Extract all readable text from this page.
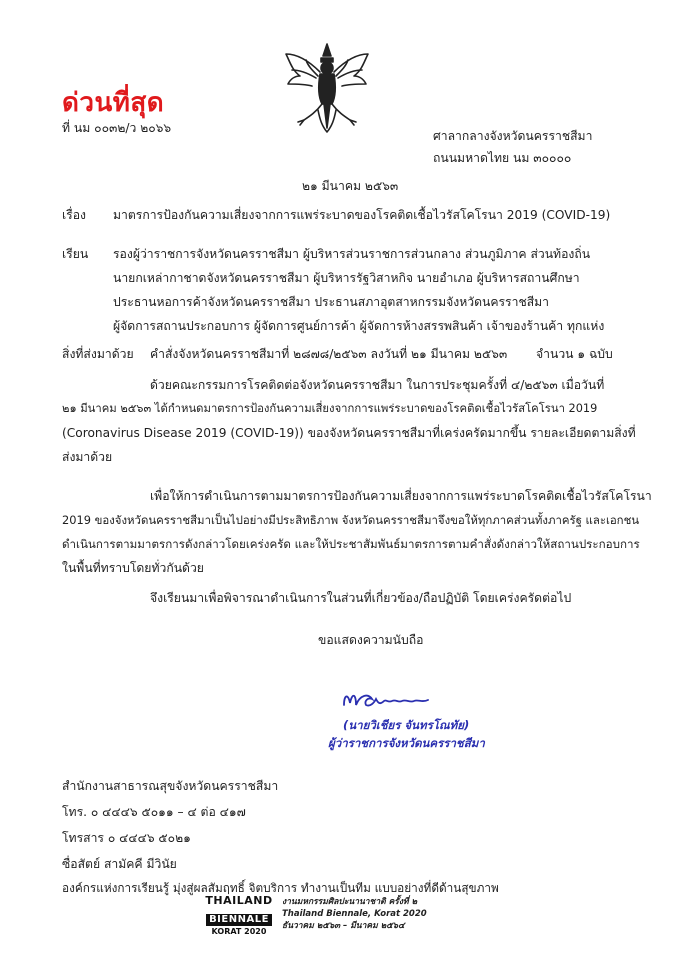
ด่วนที่สุด
ที่ นม ๐๐๓๒/ว ๒๐๖๖
ศาลากลางจังหวัดนครราชสีมา
ถนนมหาดไทย นม ๓๐๐๐๐
๒๑ มีนาคม ๒๕๖๓
เรื่อง มาตรการป้องกันความเสี่ยงจากการแพร่ระบาดของโรคติดเชื้อไวรัสโคโรนา 2019 (COVID-19)
เรียน รองผู้ว่าราชการจังหวัดนครราชสีมา ผู้บริหารส่วนราชการส่วนกลาง ส่วนภูมิภาค ส่วนท้องถิ่น
นายกเหล่ากาชาดจังหวัดนครราชสีมา ผู้บริหารรัฐวิสาหกิจ นายอำเภอ ผู้บริหารสถานศึกษา
ประธานหอการค้าจังหวัดนครราชสีมา ประธานสภาอุตสาหกรรมจังหวัดนครราชสีมา
ผู้จัดการสถานประกอบการ ผู้จัดการศูนย์การค้า ผู้จัดการห้างสรรพสินค้า เจ้าของร้านค้า ทุกแห่ง
สิ่งที่ส่งมาด้วย คำสั่งจังหวัดนครราชสีมาที่ ๒๘๗๘/๒๕๖๓ ลงวันที่ ๒๑ มีนาคม ๒๕๖๓ จำนวน ๑ ฉบับ
ด้วยคณะกรรมการโรคติดต่อจังหวัดนครราชสีมา ในการประชุมครั้งที่ ๔/๒๕๖๓ เมื่อวันที่
๒๑ มีนาคม ๒๕๖๓ ได้กำหนดมาตรการป้องกันความเสี่ยงจากการแพร่ระบาดของโรคติดเชื้อไวรัสโคโรนา 2019
(Coronavirus Disease 2019 (COVID-19)) ของจังหวัดนครราชสีมาที่เคร่งครัดมากขึ้น รายละเอียดตามสิ่งที่
ส่งมาด้วย
เพื่อให้การดำเนินการตามมาตรการป้องกันความเสี่ยงจากการแพร่ระบาดโรคติดเชื้อไวรัสโคโรนา
2019 ของจังหวัดนครราชสีมาเป็นไปอย่างมีประสิทธิภาพ จังหวัดนครราชสีมาจึงขอให้ทุกภาคส่วนทั้งภาครัฐ และเอกชน
ดำเนินการตามมาตรการดังกล่าวโดยเคร่งครัด และให้ประชาสัมพันธ์มาตรการตามคำสั่งดังกล่าวให้สถานประกอบการ
ในพื้นที่ทราบโดยทั่วกันด้วย
จึงเรียนมาเพื่อพิจารณาดำเนินการในส่วนที่เกี่ยวข้อง/ถือปฏิบัติ โดยเคร่งครัดต่อไป
ขอแสดงความนับถือ
(นายวิเชียร จันทรโณทัย)
ผู้ว่าราชการจังหวัดนครราชสีมา
สำนักงานสาธารณสุขจังหวัดนครราชสีมา
โทร. ๐ ๔๔๔๖ ๕๐๑๑ – ๔ ต่อ ๔๑๗
โทรสาร ๐ ๔๔๔๖ ๕๐๒๑
ซื่อสัตย์ สามัคคี มีวินัย
องค์กรแห่งการเรียนรู้ มุ่งสู่ผลสัมฤทธิ์ จิตบริการ ทำงานเป็นทีม แบบอย่างที่ดีด้านสุขภาพ
THAILAND
BIENNALE
KORAT 2020
งานมหกรรมศิลปะนานาชาติ ครั้งที่ ๒
Thailand Biennale, Korat 2020
ธันวาคม ๒๕๖๓ – มีนาคม ๒๕๖๔
